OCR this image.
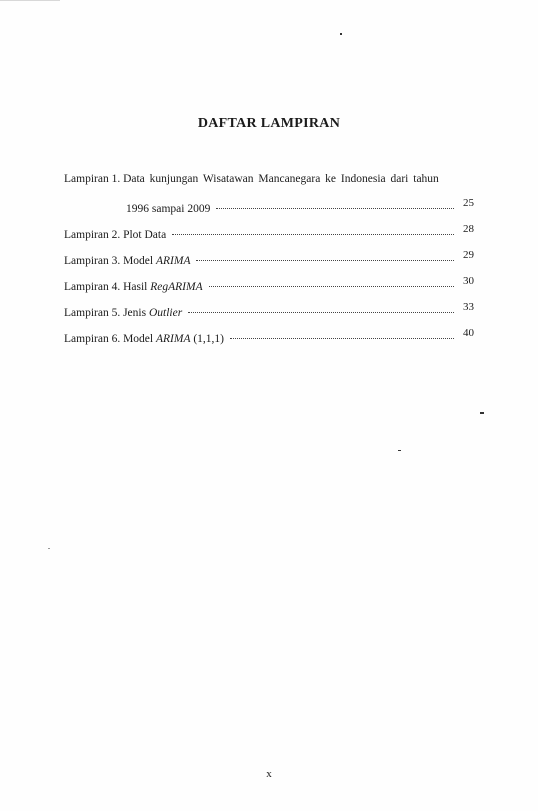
DAFTAR LAMPIRAN
Lampiran 1. Data kunjungan Wisatawan Mancanegara ke Indonesia dari tahun
1996 sampai 2009	25
Lampiran 2. Plot Data	28
Lampiran 3. Model ARIMA	29
Lampiran 4. Hasil RegARIMA	30
Lampiran 5. Jenis Outlier	33
Lampiran 6. Model ARIMA (1,1,1)	40
x
